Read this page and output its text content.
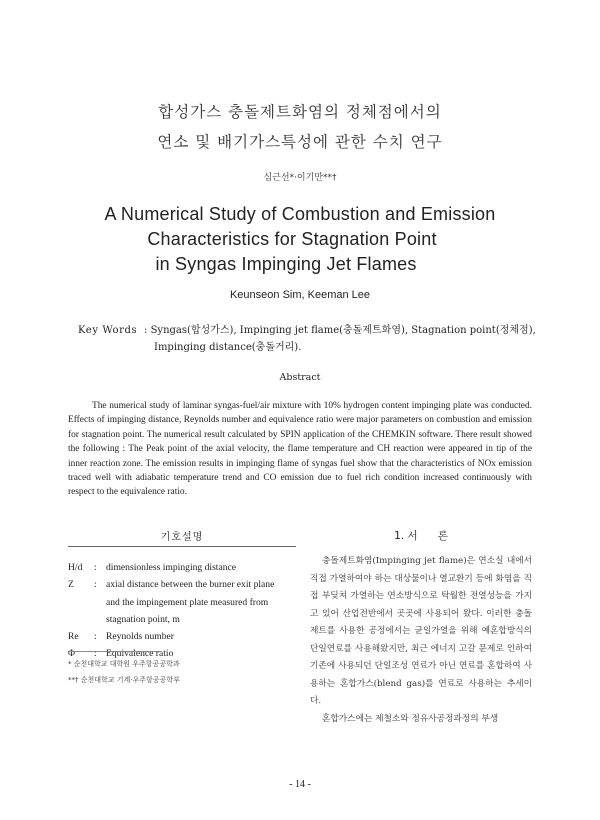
합성가스 충돌제트화염의 정체점에서의
연소 및 배기가스특성에 관한 수치 연구
심근선*·이기만**†
A Numerical Study of Combustion and Emission
Characteristics for Stagnation Point
in Syngas Impinging Jet Flames
Keunseon Sim, Keeman Lee
Key Words : Syngas(합성가스), Impinging jet flame(충돌제트화염), Stagnation point(정체점),
Impinging distance(충돌거리).
Abstract

The numerical study of laminar syngas-fuel/air mixture with 10% hydrogen content impinging plate was conducted. Effects of impinging distance, Reynolds number and equivalence ratio were major parameters on combustion and emission for stagnation point. The numerical result calculated by SPIN application of the CHEMKIN software. There result showed the following : The Peak point of the axial velocity, the flame temperature and CH reaction were appeared in tip of the inner reaction zone. The emission results in impinging flame of syngas fuel show that the characteristics of NOx emission traced well with adiabatic temperature trend and CO emission due to fuel rich condition increased continuously with respect to the equivalence ratio.

기호설명
H/d	: dimensionless impinging distance
Z	: axial distance between the burner exit plane
and the impingement plate measured from
stagnation point, m
Re	: Reynolds number
Φ	: Equivalence ratio
* 순천대학교 대학원 우주항공공학과
**† 순천대학교 기계·우주항공공학부
1. 서 론

충돌제트화염(Impinging jet flame)은 연소실 내에서 직접 가열하여야 하는 대상물이나 열교환기 등에 화염을 직접 부딪쳐 가열하는 연소방식으로 탁월한 전열성능을 가지고 있어 산업전반에서 곳곳에 사용되어 왔다. 이러한 충돌제트를 사용한 공정에서는 균일가열을 위해 예혼합방식의 단일연료를 사용해왔지만, 최근 에너지 고갈 문제로 인하여 기존에 사용되던 단일조성 연료가 아닌 연료를 혼합하여 사용하는 혼합가스(blend gas)를 연료로 사용하는 추세이다.

혼합가스에는 제철소와 정유사공정과정의 부생

- 14 -
